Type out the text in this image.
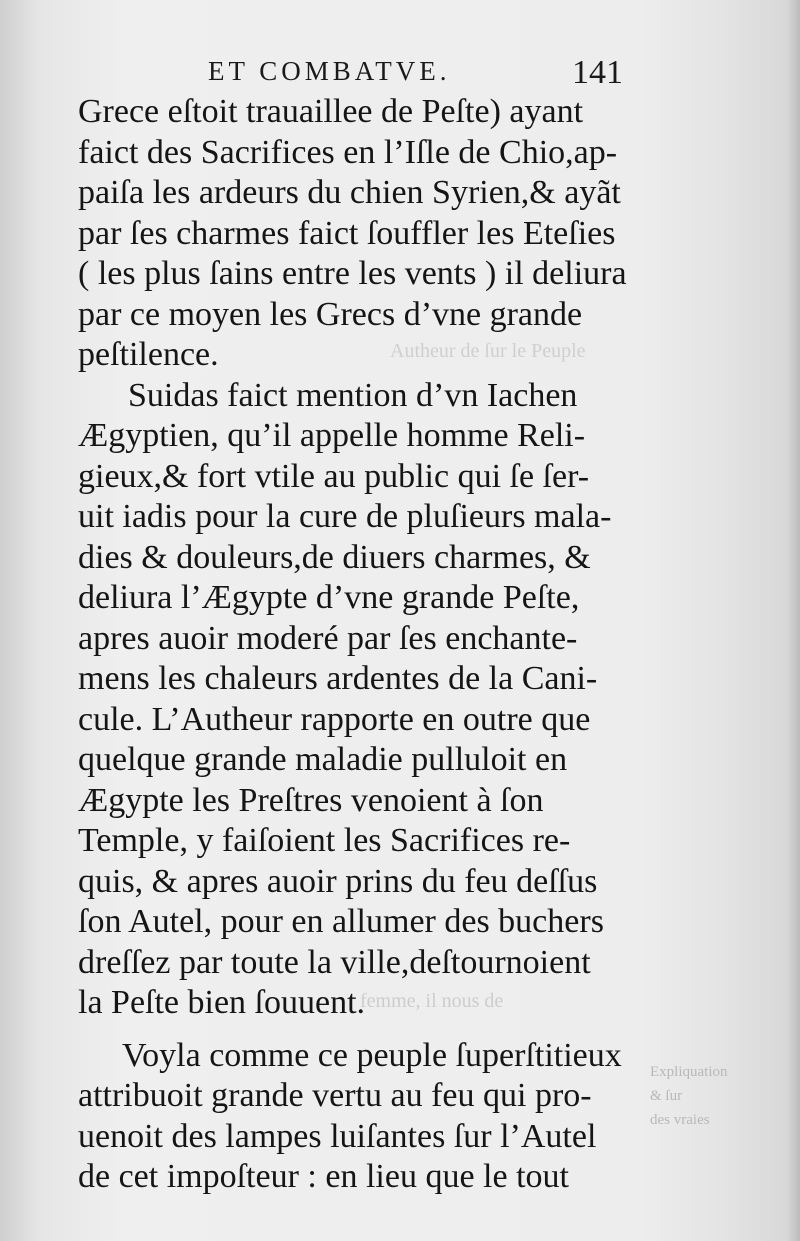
ET COMBATVE.	141
Grece eſtoit trauaillee de Peſte) ayant
faict des Sacrifices en l’Iſle de Chio,ap-
paiſa les ardeurs du chien Syrien,& ayãt
par ſes charmes faict ſouffler les Eteſies
( les plus ſains entre les vents ) il deliura
par ce moyen les Grecs d’vne grande
peſtilence.
Suidas faict mention d’vn Iachen
Ægyptien, qu’il appelle homme Reli-
gieux,& fort vtile au public qui ſe ſer-
uit iadis pour la cure de pluſieurs mala-
dies & douleurs,de diuers charmes, &
deliura l’Ægypte d’vne grande Peſte,
apres auoir moderé par ſes enchante-
mens les chaleurs ardentes de la Cani-
cule. L’Autheur rapporte en outre que
quelque grande maladie pulluloit en
Ægypte les Preſtres venoient à ſon
Temple, y faiſoient les Sacrifices re-
quis, & apres auoir prins du feu deſſus
ſon Autel, pour en allumer des buchers
dreſſez par toute la ville,deſtournoient
la Peſte bien ſouuent.
Voyla comme ce peuple ſuperſtitieux
attribuoit grande vertu au feu qui pro-
uenoit des lampes luiſantes ſur l’Autel
de cet impoſteur : en lieu que le tout
Autheur de ſur le Peuple
Expliquation
& ſur
des vraies
femme, il nous de
